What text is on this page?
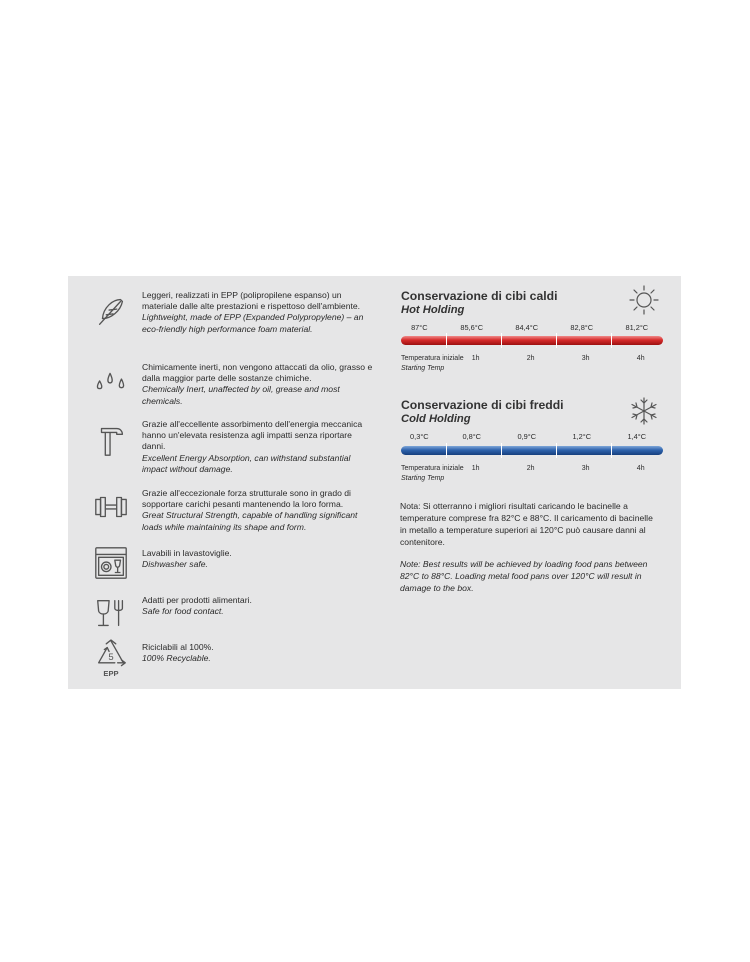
Leggeri, realizzati in EPP (polipropilene espanso) un materiale dalle alte prestazioni e rispettoso dell'ambiente.
Lightweight, made of EPP (Expanded Polypropylene) – an eco-friendly high performance foam material.
Chimicamente inerti, non vengono attaccati da olio, grasso e dalla maggior parte delle sostanze chimiche.
Chemically Inert, unaffected by oil, grease and most chemicals.
Grazie all'eccellente assorbimento dell'energia meccanica hanno un'elevata resistenza agli impatti senza riportare danni.
Excellent Energy Absorption, can withstand substantial impact without damage.
Grazie all'eccezionale forza strutturale sono in grado di sopportare carichi pesanti mantenendo la loro forma.
Great Structural Strength, capable of handling significant loads while maintaining its shape and form.
Lavabili in lavastoviglie.
Dishwasher safe.
Adatti per prodotti alimentari.
Safe for food contact.
5
EPP
Riciclabili al 100%.
100% Recyclable.
Conservazione di cibi caldi
Hot Holding
87°C	85,6°C	84,4°C	82,8°C	81,2°C
Temperatura iniziale 1h	2h	3h	4h
Starting Temp
Conservazione di cibi freddi
Cold Holding
0,3°C	0,8°C	0,9°C	1,2°C	1,4°C
Temperatura iniziale 1h	2h	3h	4h
Starting Temp
Nota: Si otterranno i migliori risultati caricando le bacinelle a temperature comprese fra 82°C e 88°C. Il caricamento di bacinelle in metallo a temperature superiori ai 120°C può causare danni al contenitore.
Note: Best results will be achieved by loading food pans between 82°C to 88°C. Loading metal food pans over 120°C will result in damage to the box.
